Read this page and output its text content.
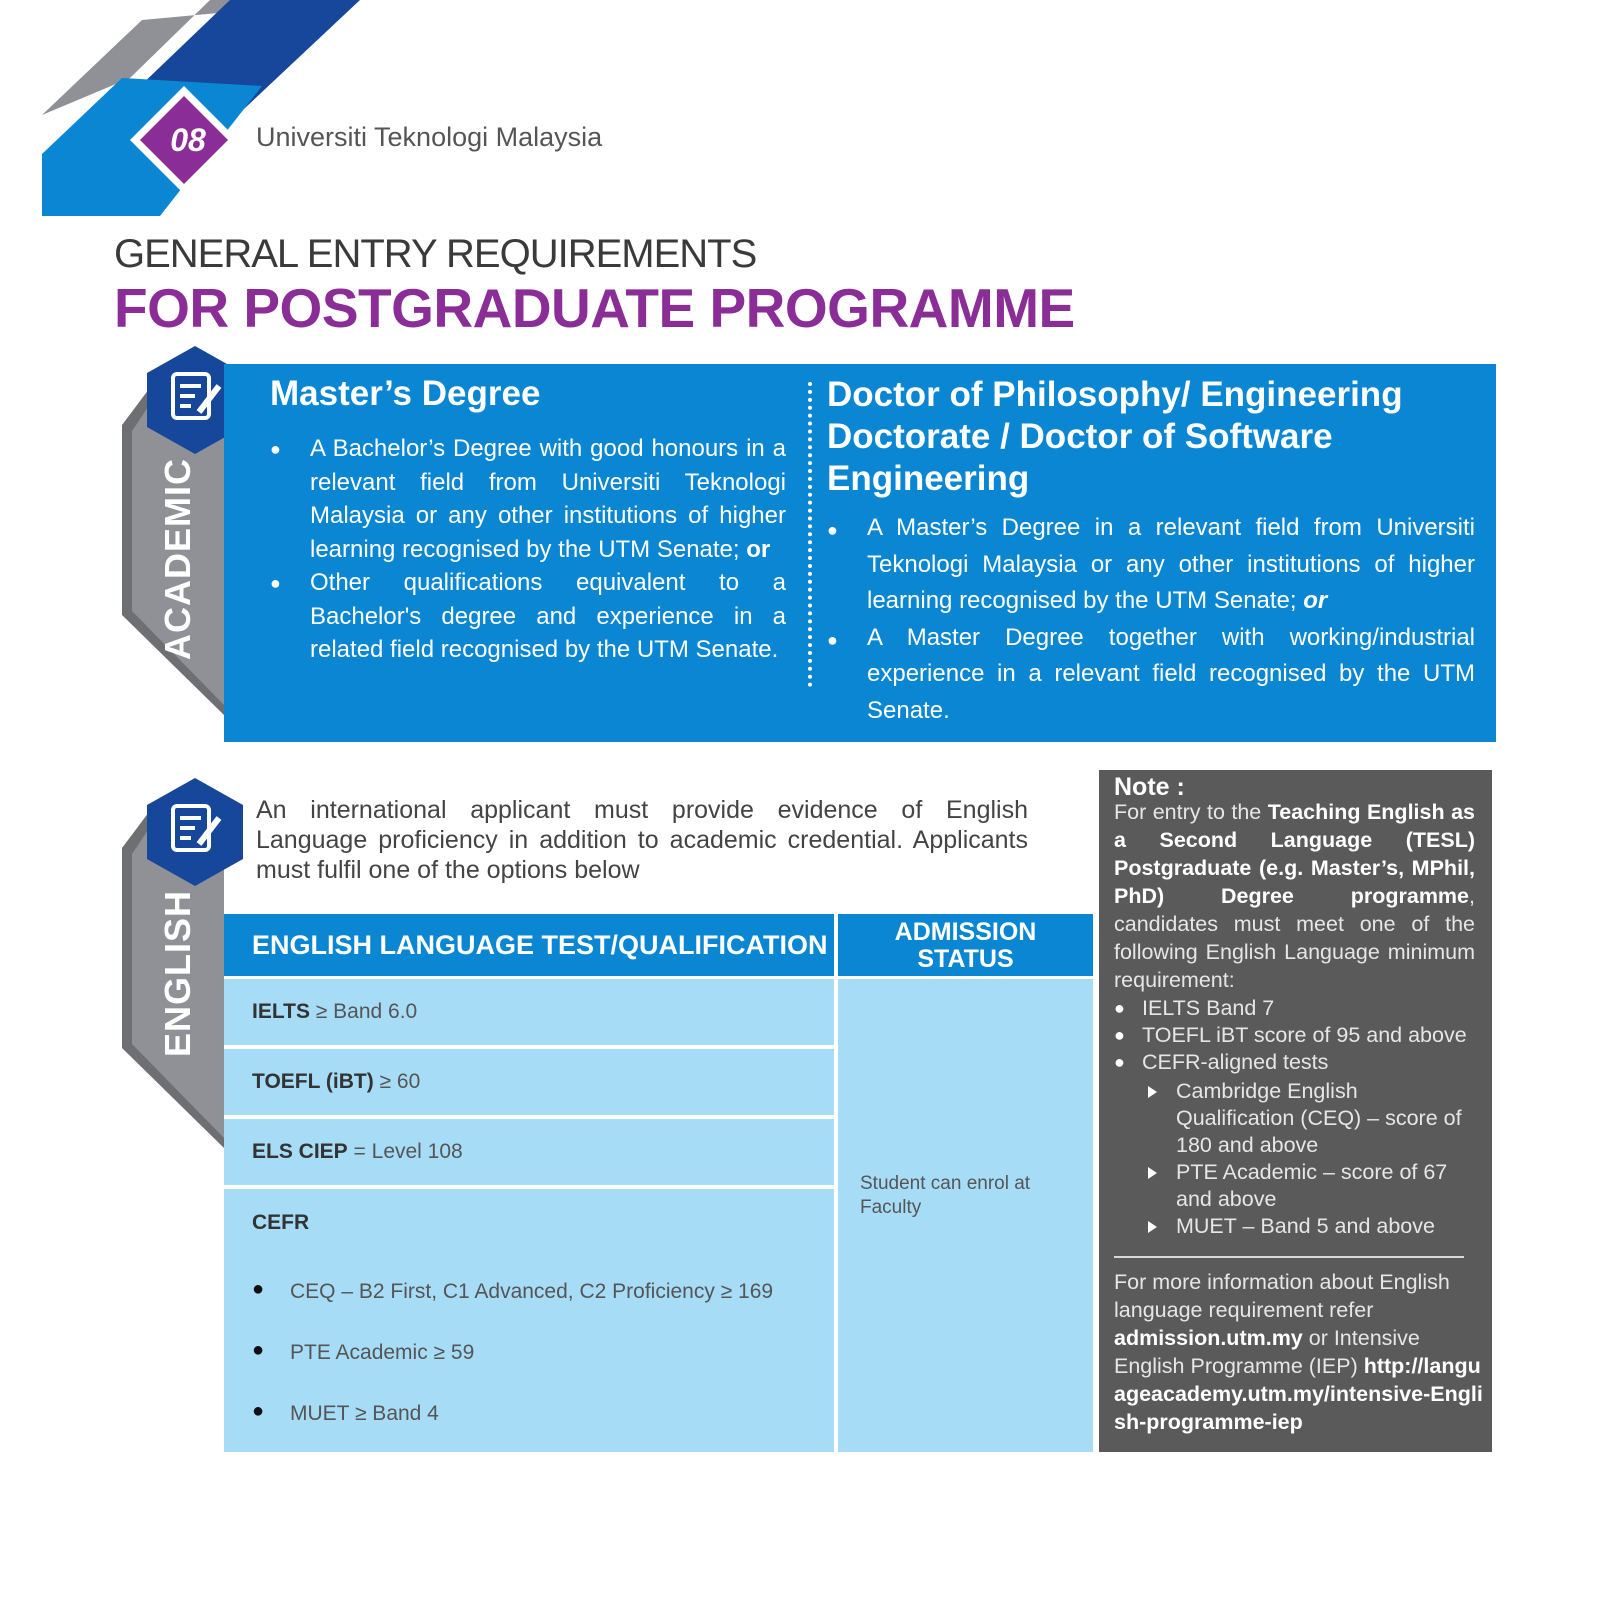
08	Universiti Teknologi Malaysia
GENERAL ENTRY REQUIREMENTS
FOR POSTGRADUATE PROGRAMME
ACADEMIC
Master’s Degree
● A Bachelor’s Degree with good honours in a relevant field from Universiti Teknologi Malaysia or any other institutions of higher learning recognised by the UTM Senate; or
● Other qualifications equivalent to a Bachelor's degree and experience in a related field recognised by the UTM Senate.
Doctor of Philosophy/ Engineering Doctorate / Doctor of Software Engineering
● A Master’s Degree in a relevant field from Universiti Teknologi Malaysia or any other institutions of higher learning recognised by the UTM Senate; or
● A Master Degree together with working/industrial experience in a relevant field recognised by the UTM Senate.
ENGLISH
An international applicant must provide evidence of English Language proficiency in addition to academic credential. Applicants must fulfil one of the options below
ENGLISH LANGUAGE TEST/QUALIFICATION	ADMISSION
STATUS
IELTS ≥ Band 6.0
TOEFL (iBT) ≥ 60
ELS CIEP = Level 108
CEFR
● CEQ – B2 First, C1 Advanced, C2 Proficiency ≥ 169
● PTE Academic ≥ 59
● MUET ≥ Band 4
Student can enrol at Faculty
Note :
For entry to the Teaching English as a Second Language (TESL) Postgraduate (e.g. Master’s, MPhil, PhD) Degree programme, candidates must meet one of the following English Language minimum requirement:
● IELTS Band 7
● TOEFL iBT score of 95 and above
● CEFR-aligned tests
Cambridge English Qualification (CEQ) – score of 180 and above
PTE Academic – score of 67 and above
MUET – Band 5 and above
For more information about English language requirement refer admission.utm.my or Intensive English Programme (IEP) http://languageacademy.utm.my/intensive-English-programme-iep
